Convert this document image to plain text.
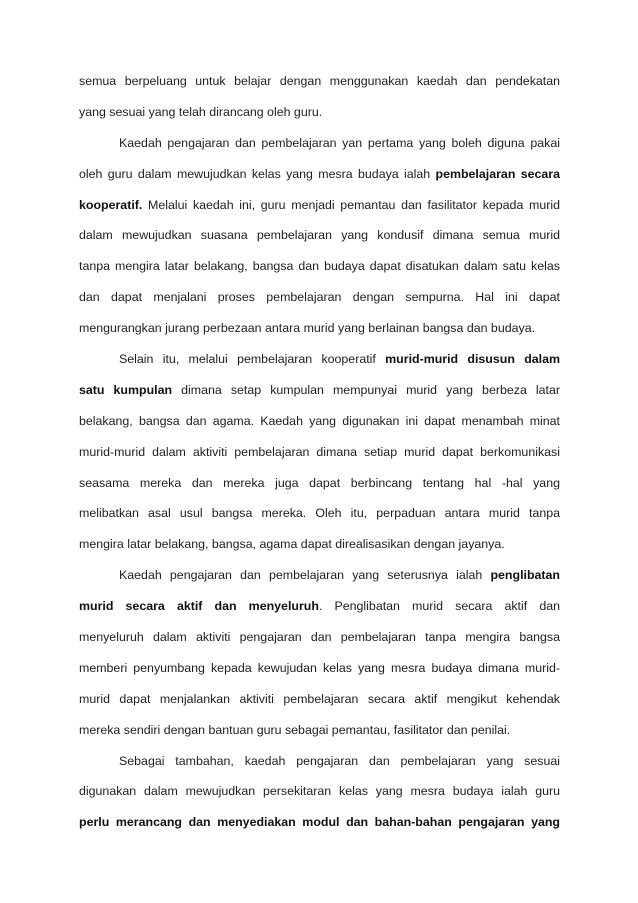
semua berpeluang untuk belajar dengan menggunakan kaedah dan pendekatan
yang sesuai yang telah dirancang oleh guru.
Kaedah pengajaran dan pembelajaran yan pertama yang boleh diguna pakai
oleh guru dalam mewujudkan kelas yang mesra budaya ialah pembelajaran secara
kooperatif. Melalui kaedah ini, guru menjadi pemantau dan fasilitator kepada murid
dalam mewujudkan suasana pembelajaran yang kondusif dimana semua murid
tanpa mengira latar belakang, bangsa dan budaya dapat disatukan dalam satu kelas
dan dapat menjalani proses pembelajaran dengan sempurna. Hal ini dapat
mengurangkan jurang perbezaan antara murid yang berlainan bangsa dan budaya.
Selain itu, melalui pembelajaran kooperatif murid-murid disusun dalam
satu kumpulan dimana setap kumpulan mempunyai murid yang berbeza latar
belakang, bangsa dan agama. Kaedah yang digunakan ini dapat menambah minat
murid-murid dalam aktiviti pembelajaran dimana setiap murid dapat berkomunikasi
seasama mereka dan mereka juga dapat berbincang tentang hal -hal yang
melibatkan asal usul bangsa mereka. Oleh itu, perpaduan antara murid tanpa
mengira latar belakang, bangsa, agama dapat direalisasikan dengan jayanya.
Kaedah pengajaran dan pembelajaran yang seterusnya ialah penglibatan
murid secara aktif dan menyeluruh. Penglibatan murid secara aktif dan
menyeluruh dalam aktiviti pengajaran dan pembelajaran tanpa mengira bangsa
memberi penyumbang kepada kewujudan kelas yang mesra budaya dimana murid-
murid dapat menjalankan aktiviti pembelajaran secara aktif mengikut kehendak
mereka sendiri dengan bantuan guru sebagai pemantau, fasilitator dan penilai.
Sebagai tambahan, kaedah pengajaran dan pembelajaran yang sesuai
digunakan dalam mewujudkan persekitaran kelas yang mesra budaya ialah guru
perlu merancang dan menyediakan modul dan bahan-bahan pengajaran yang
